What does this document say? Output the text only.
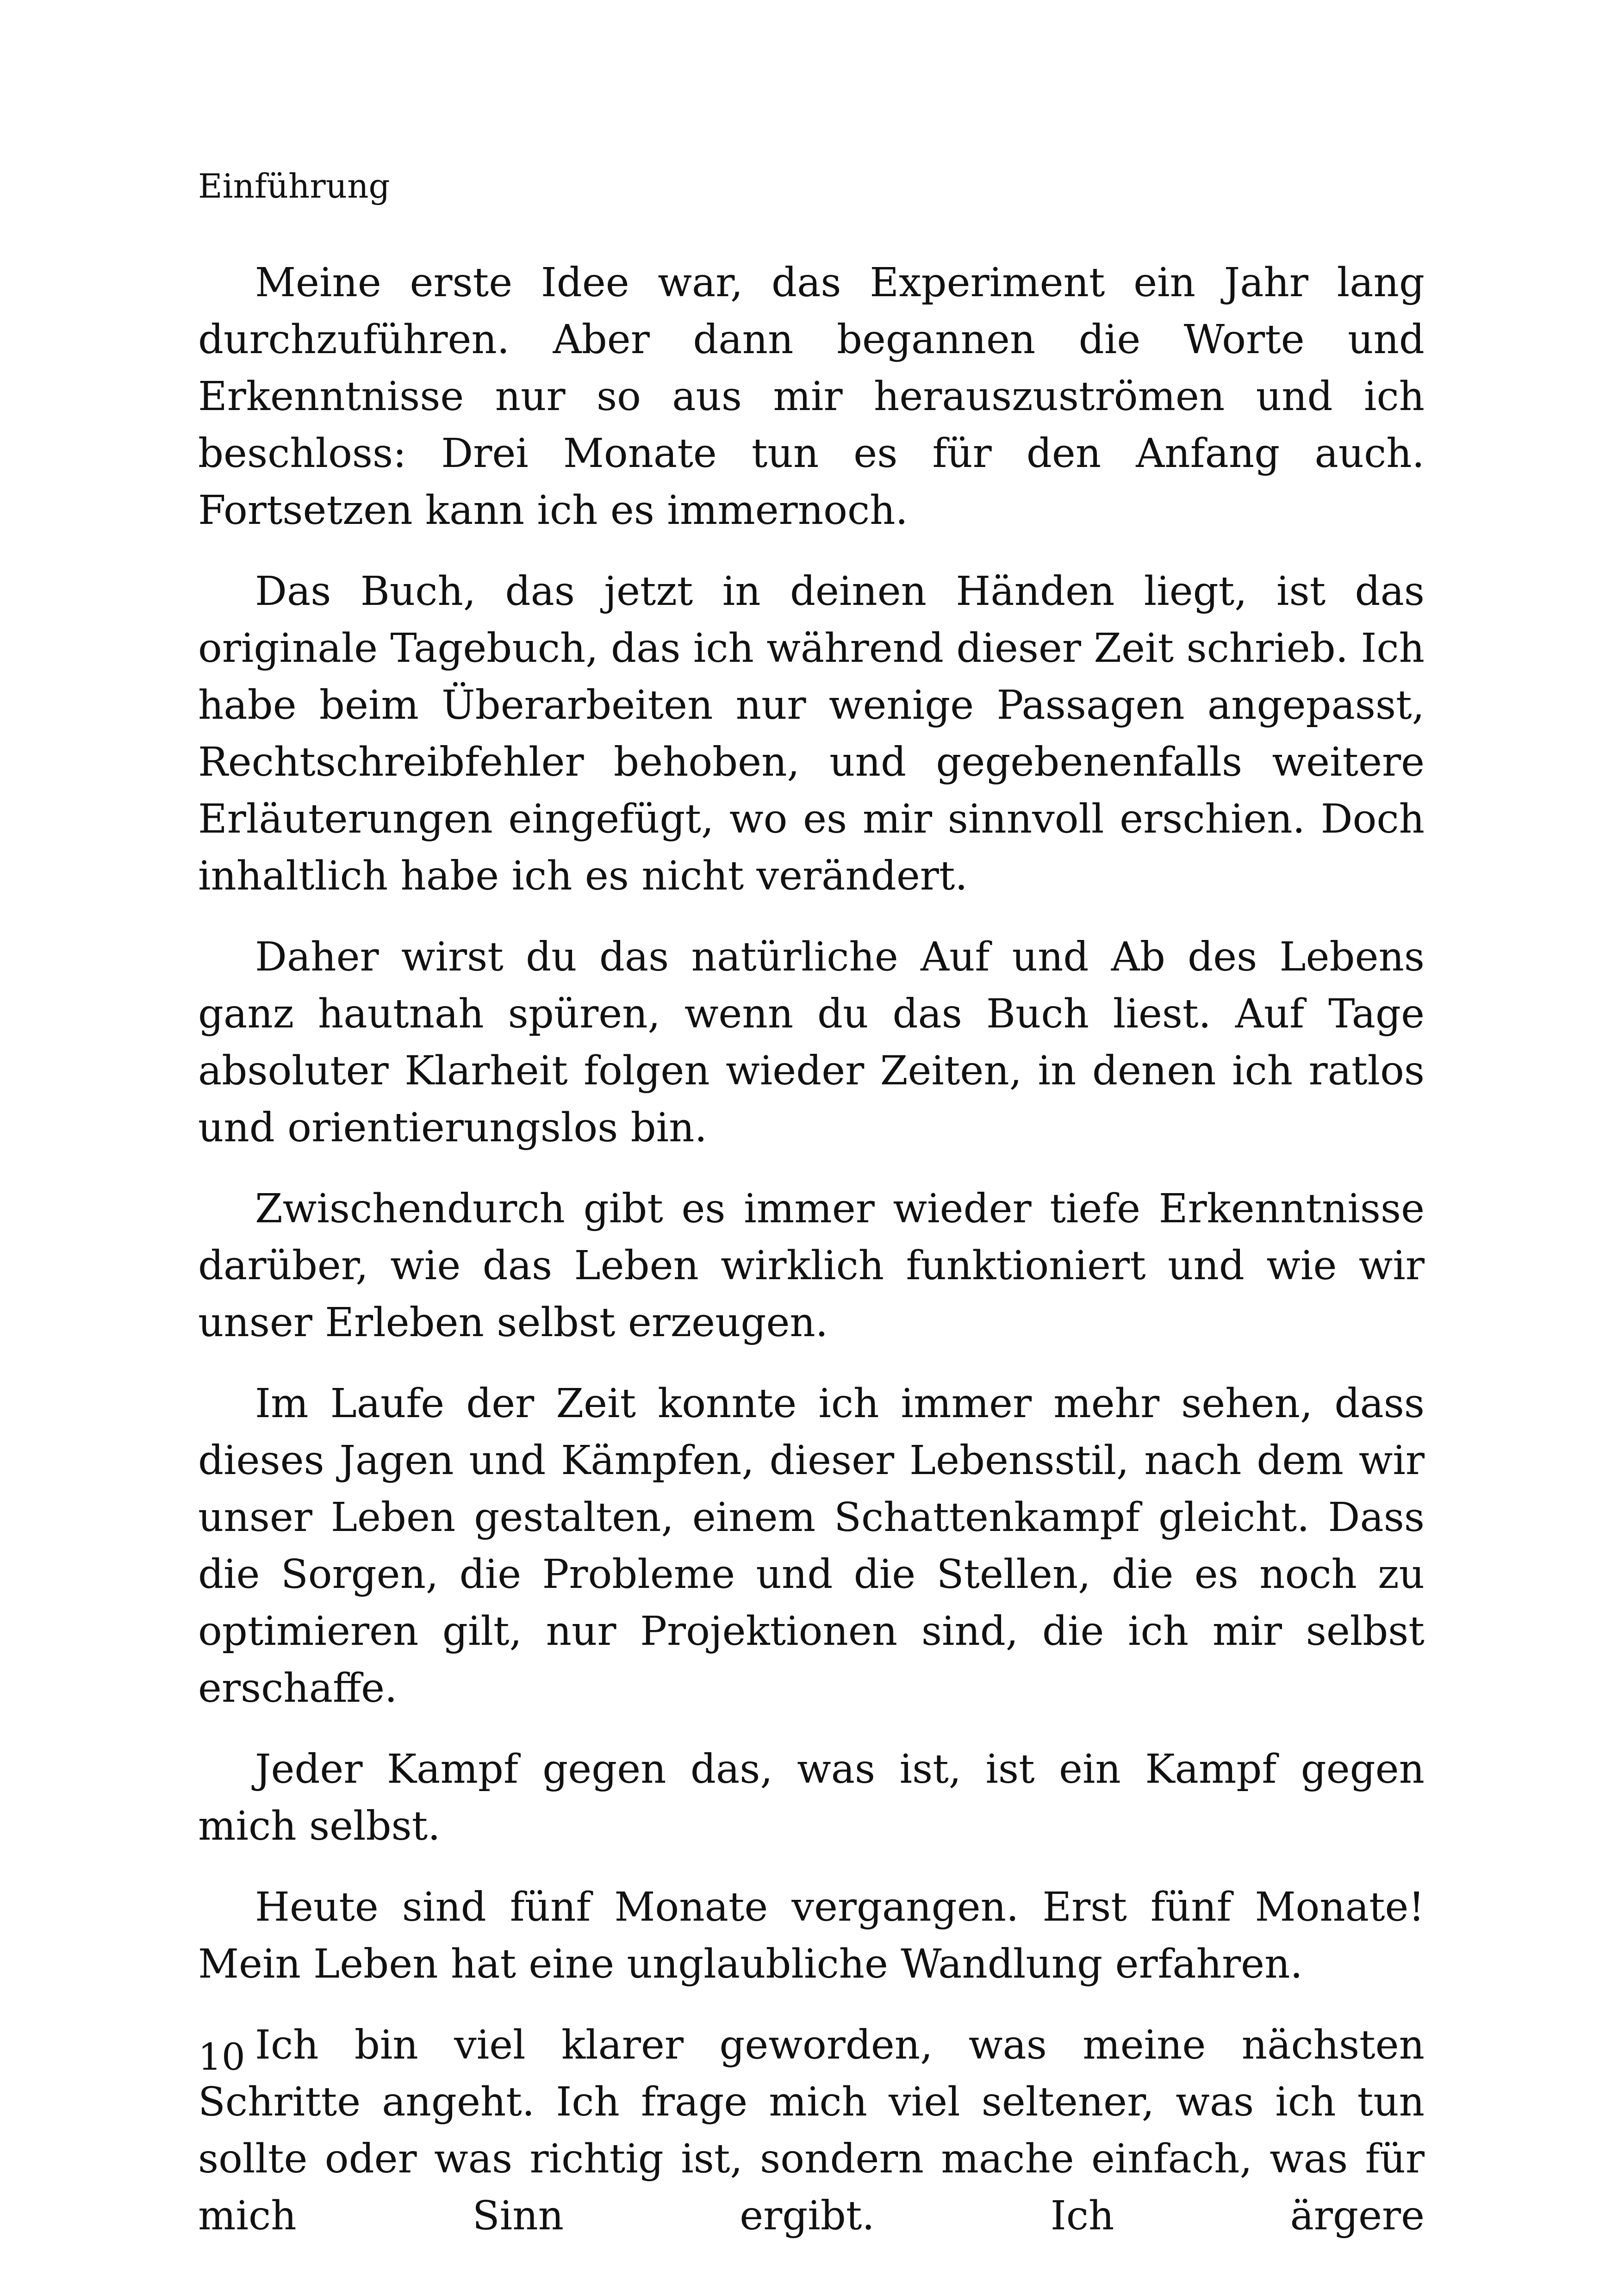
Einführung

Meine erste Idee war, das Experiment ein Jahr lang durchzuführen. Aber dann begannen die Worte und Erkenntnisse nur so aus mir herauszuströmen und ich beschloss: Drei Monate tun es für den Anfang auch. Fortsetzen kann ich es immernoch.

Das Buch, das jetzt in deinen Händen liegt, ist das originale Tagebuch, das ich während dieser Zeit schrieb. Ich habe beim Überarbeiten nur wenige Passagen angepasst, Rechtschreibfehler behoben, und gegebenenfalls weitere Erläuterungen eingefügt, wo es mir sinnvoll erschien. Doch inhaltlich habe ich es nicht verändert.

Daher wirst du das natürliche Auf und Ab des Lebens ganz hautnah spüren, wenn du das Buch liest. Auf Tage absoluter Klarheit folgen wieder Zeiten, in denen ich ratlos und orientierungslos bin.

Zwischendurch gibt es immer wieder tiefe Erkenntnisse darüber, wie das Leben wirklich funktioniert und wie wir unser Erleben selbst erzeugen.

Im Laufe der Zeit konnte ich immer mehr sehen, dass dieses Jagen und Kämpfen, dieser Lebensstil, nach dem wir unser Leben gestalten, einem Schattenkampf gleicht. Dass die Sorgen, die Probleme und die Stellen, die es noch zu optimieren gilt, nur Projektionen sind, die ich mir selbst erschaffe.

Jeder Kampf gegen das, was ist, ist ein Kampf gegen mich selbst.

Heute sind fünf Monate vergangen. Erst fünf Monate! Mein Leben hat eine unglaubliche Wandlung erfahren.

Ich bin viel klarer geworden, was meine nächsten Schritte angeht. Ich frage mich viel seltener, was ich tun sollte oder was richtig ist, sondern mache einfach, was für mich Sinn ergibt. Ich ärgere

10
